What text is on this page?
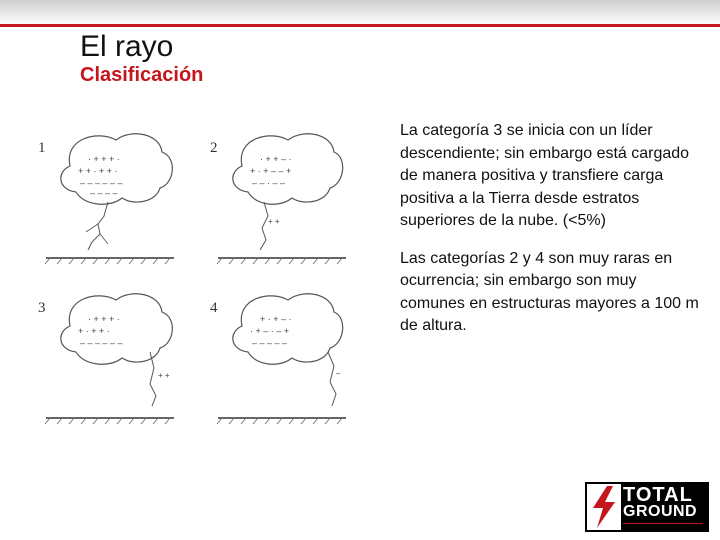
El rayo
Clasificación
1
· + + + ·
+ + · + + ·
– – – – – –
– – – –
2
· + + – ·
+ · + – – +
– – · – –
+ +
3
· + + + ·
+ · + + ·
– – – – – –
+ +
4
+ · + – ·
· + – · – +
– – – – –
–

La categoría 3 se inicia con un líder descendiente; sin embargo está cargado de manera positiva y transfiere carga positiva a la Tierra desde estratos superiores de la nube. (<5%)

Las categorías 2 y 4 son muy raras en ocurrencia; sin embargo son muy comunes en estructuras mayores a 100 m de altura.

TOTAL
GROUND
